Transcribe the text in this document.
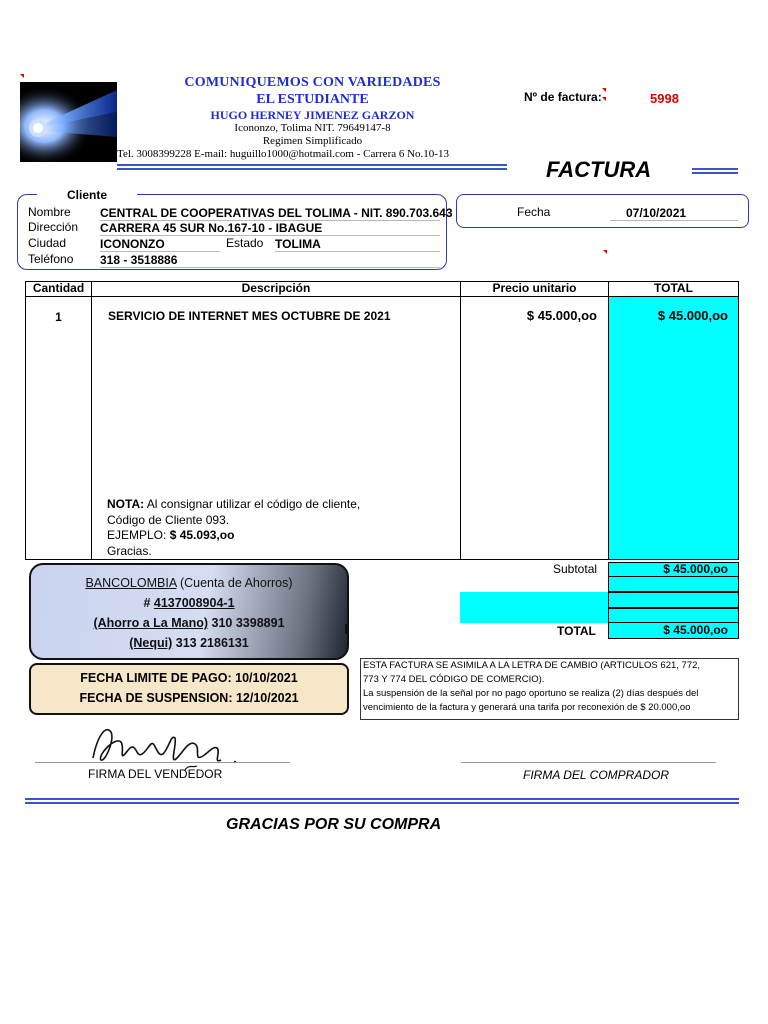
COMUNIQUEMOS CON VARIEDADES
EL ESTUDIANTE
HUGO HERNEY JIMENEZ GARZON
Icononzo, Tolima NIT. 79649147-8
Regimen Simplificado
Tel. 3008399228 E-mail: huguillo1000@hotmail.com - Carrera 6 No.10-13
Nº de factura:	5998
FACTURA
Cliente
Nombre CENTRAL DE COOPERATIVAS DEL TOLIMA - NIT. 890.703.643
Dirección CARRERA 45 SUR No.167-10 - IBAGUE
Ciudad	ICONONZO	Estado TOLIMA
Teléfono 318 - 3518886
Fecha	07/10/2021
Cantidad	Descripción	Precio unitario	TOTAL
1	SERVICIO DE INTERNET MES OCTUBRE DE 2021	$ 45.000,oo	$ 45.000,oo
NOTA: Al consignar utilizar el código de cliente,
Código de Cliente 093.
EJEMPLO: $ 45.093,oo
Gracias.
Subtotal	$ 45.000,oo
TOTAL	$ 45.000,oo
BANCOLOMBIA (Cuenta de Ahorros)
# 4137008904-1
(Ahorro a La Mano) 310 3398891
(Nequi) 313 2186131
FECHA LIMITE DE PAGO: 10/10/2021
FECHA DE SUSPENSION: 12/10/2021
ESTA FACTURA SE ASIMILA A LA LETRA DE CAMBIO (ARTICULOS 621, 772,
773 Y 774 DEL CÓDIGO DE COMERCIO).
La suspensión de la señal por no pago oportuno se realiza (2) días después del
vencimiento de la factura y generará una tarifa por reconexión de $ 20.000,oo
FIRMA DEL VENDEDOR	FIRMA DEL COMPRADOR
GRACIAS POR SU COMPRA
